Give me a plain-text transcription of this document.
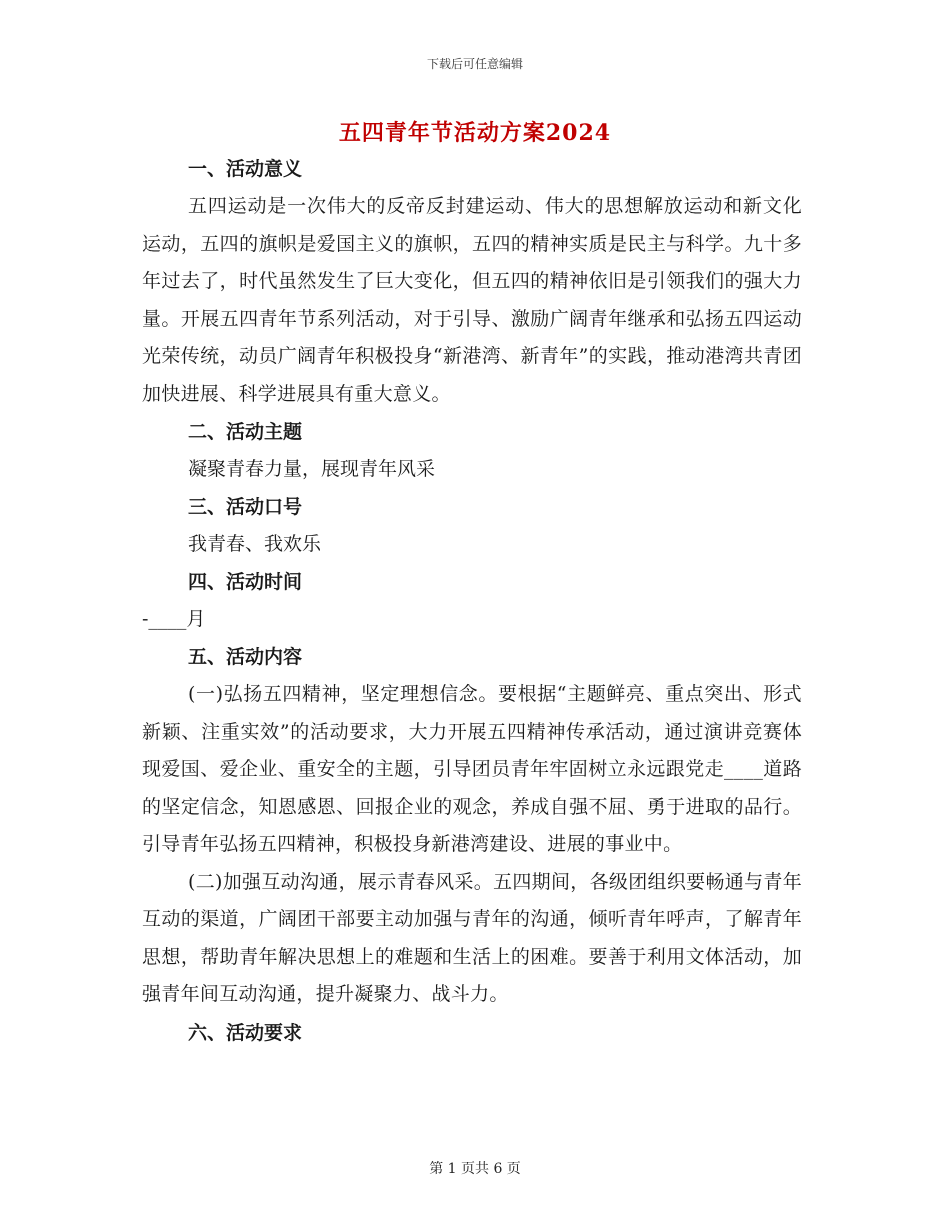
下载后可任意编辑
五四青年节活动方案2024
一、活动意义

五四运动是一次伟大的反帝反封建运动、伟大的思想解放运动和新文化运动，五四的旗帜是爱国主义的旗帜，五四的精神实质是民主与科学。九十多年过去了，时代虽然发生了巨大变化，但五四的精神依旧是引领我们的强大力量。开展五四青年节系列活动，对于引导、激励广阔青年继承和弘扬五四运动光荣传统，动员广阔青年积极投身“新港湾、新青年”的实践，推动港湾共青团加快进展、科学进展具有重大意义。

二、活动主题
凝聚青春力量，展现青年风采
三、活动口号
我青春、我欢乐
四、活动时间
-____月
五、活动内容

(一)弘扬五四精神，坚定理想信念。要根据“主题鲜亮、重点突出、形式新颖、注重实效”的活动要求，大力开展五四精神传承活动，通过演讲竞赛体现爱国、爱企业、重安全的主题，引导团员青年牢固树立永远跟党走____道路的坚定信念，知恩感恩、回报企业的观念，养成自强不屈、勇于进取的品行。引导青年弘扬五四精神，积极投身新港湾建设、进展的事业中。

(二)加强互动沟通，展示青春风采。五四期间，各级团组织要畅通与青年互动的渠道，广阔团干部要主动加强与青年的沟通，倾听青年呼声，了解青年思想，帮助青年解决思想上的难题和生活上的困难。要善于利用文体活动，加强青年间互动沟通，提升凝聚力、战斗力。

六、活动要求
第 1 页共 6 页
